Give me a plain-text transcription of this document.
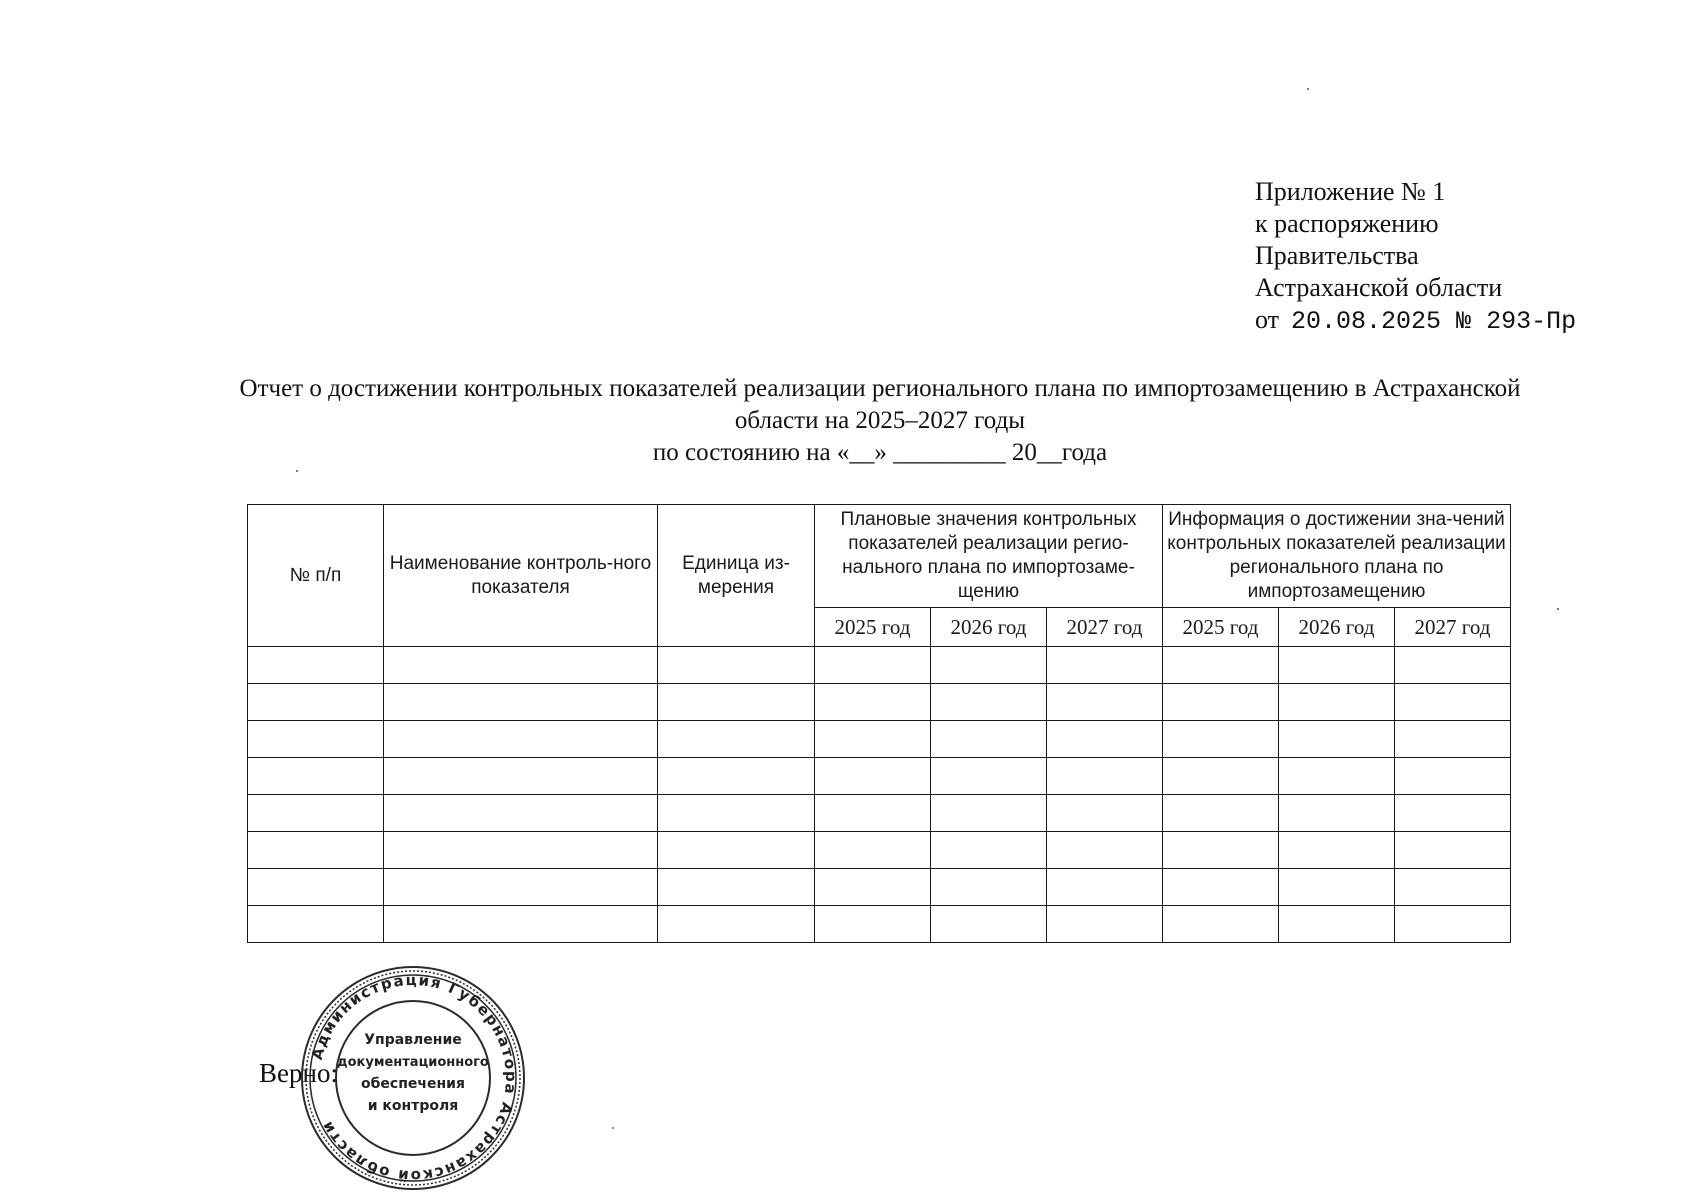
Приложение № 1
к распоряжению
Правительства
Астраханской области
от 20.08.2025 № 293-Пр
Отчет о достижении контрольных показателей реализации регионального плана по импортозамещению в Астраханской
области на 2025–2027 годы
по состоянию на «__» _________ 20__года
№ п/п	Наименование контроль-ного показателя	Единица из-мерения	Плановые значения контрольных показателей реализации регио-нального плана по импортозаме-щению			Информация о достижении зна-чений контрольных показателей реализации регионального плана по импортозамещению		
			2025 год	2026 год	2027 год	2025 год	2026 год	2027 год

Верно:
Администрация Губернатора Астраханской области
Управление
документационного
обеспечения
и контроля
